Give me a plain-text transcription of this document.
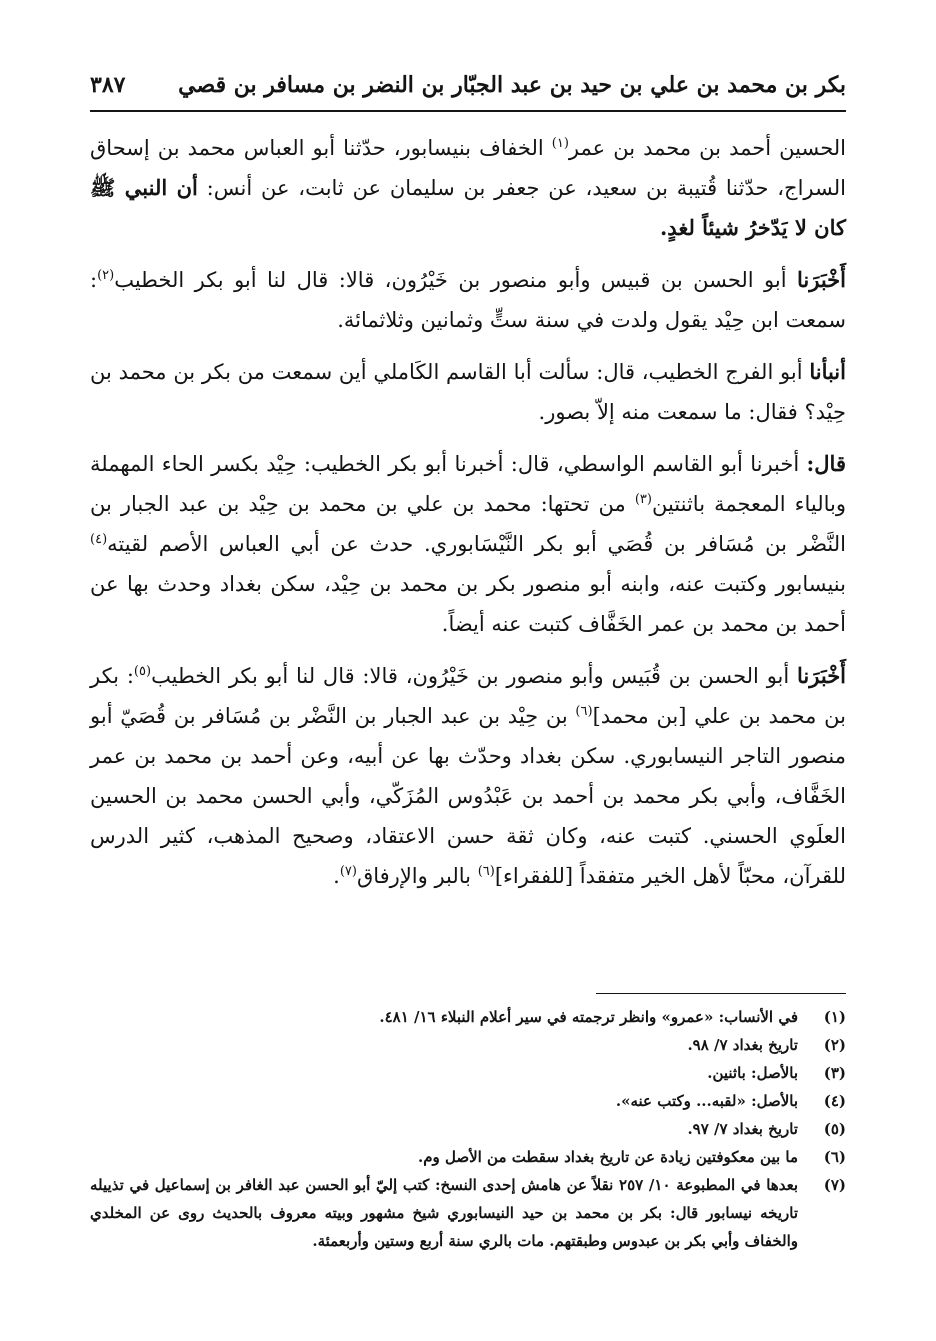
بكر بن محمد بن علي بن حيد بن عبد الجبّار بن النضر بن مسافر بن قصي
٣٨٧

الحسين أحمد بن محمد بن عمر$^{(١)}$ الخفاف بنيسابور، حدّثنا أبو العباس محمد بن إسحاق السراج، حدّثنا قُتيبة بن سعيد، عن جعفر بن سليمان عن ثابت، عن أنس: أن النبي ﷺ كان لا يَدّخرُ شيئاً لغدٍ.

أَخْبَرَنا أبو الحسن بن قبيس وأبو منصور بن خَيْرُون، قالا: قال لنا أبو بكر الخطيب$^{(٢)}$: سمعت ابن حِيْد يقول ولدت في سنة ستٍّ وثمانين وثلاثمائة.

أنبأنا أبو الفرج الخطيب، قال: سألت أبا القاسم الكَاملي أين سمعت من بكر بن محمد بن حِيْد؟ فقال: ما سمعت منه إلاّ بصور.

قال: أخبرنا أبو القاسم الواسطي، قال: أخبرنا أبو بكر الخطيب: حِيْد بكسر الحاء المهملة وبالياء المعجمة باثنتين$^{(٣)}$ من تحتها: محمد بن علي بن محمد بن حِيْد بن عبد الجبار بن النَّضْر بن مُسَافر بن قُصَي أبو بكر النَّيْسَابوري. حدث عن أبي العباس الأصم لقيته$^{(٤)}$ بنيسابور وكتبت عنه، وابنه أبو منصور بكر بن محمد بن حِيْد، سكن بغداد وحدث بها عن أحمد بن محمد بن عمر الخَفَّاف كتبت عنه أيضاً.

أَخْبَرَنا أبو الحسن بن قُبَيس وأبو منصور بن خَيْرُون، قالا: قال لنا أبو بكر الخطيب$^{(٥)}$: بكر بن محمد بن علي [بن محمد]$^{(٦)}$ بن حِيْد بن عبد الجبار بن النَّضْر بن مُسَافر بن قُصَيّ أبو منصور التاجر النيسابوري. سكن بغداد وحدّث بها عن أبيه، وعن أحمد بن محمد بن عمر الخَفَّاف، وأبي بكر محمد بن أحمد بن عَبْدُوس المُزَكّي، وأبي الحسن محمد بن الحسين العلَوي الحسني. كتبت عنه، وكان ثقة حسن الاعتقاد، وصحيح المذهب، كثير الدرس للقرآن، محبّاً لأهل الخير متفقداً [للفقراء]$^{(٦)}$ بالبر والإرفاق$^{(٧)}$.

(١)
في الأنساب: «عمرو» وانظر ترجمته في سير أعلام النبلاء ١٦/ ٤٨١.
(٢)
تاريخ بغداد ٧/ ٩٨.
(٣)
بالأصل: باثنين.
(٤)
بالأصل: «لقبه... وكتب عنه».
(٥)
تاريخ بغداد ٧/ ٩٧.
(٦)
ما بين معكوفتين زيادة عن تاريخ بغداد سقطت من الأصل وم.
(٧)
بعدها في المطبوعة ١٠/ ٢٥٧ نقلاً عن هامش إحدى النسخ: كتب إليّ أبو الحسن عبد الغافر بن إسماعيل في تذييله تاريخه نيسابور قال: بكر بن محمد بن حيد النيسابوري شيخ مشهور وبيته معروف بالحديث روى عن المخلدي والخفاف وأبي بكر بن عبدوس وطبقتهم. مات بالري سنة أربع وستين وأربعمئة.
